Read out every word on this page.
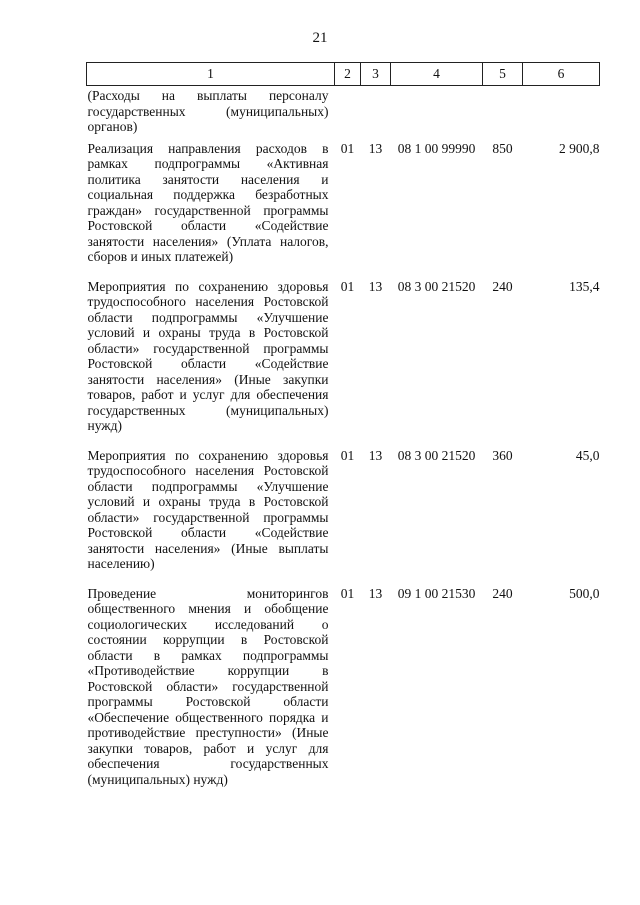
21
1	2	3	4	5	6
(Расходы на выплаты персоналу государственных (муниципальных) органов)					
Реализация направления расходов в рамках подпрограммы «Активная политика занятости населения и социальная поддержка безработных граждан» государственной программы Ростовской области «Содействие занятости населения» (Уплата налогов, сборов и иных платежей)	01	13	08 1 00 99990	850	2 900,8
Мероприятия по сохранению здоровья трудоспособного населения Ростовской области подпрограммы «Улучшение условий и охраны труда в Ростовской области» государственной программы Ростовской области «Содействие занятости населения» (Иные закупки товаров, работ и услуг для обеспечения государственных (муниципальных) нужд)	01	13	08 3 00 21520	240	135,4
Мероприятия по сохранению здоровья трудоспособного населения Ростовской области подпрограммы «Улучшение условий и охраны труда в Ростовской области» государственной программы Ростовской области «Содействие занятости населения» (Иные выплаты населению)	01	13	08 3 00 21520	360	45,0
Проведение мониторингов общественного мнения и обобщение социологических исследований о состоянии коррупции в Ростовской области в рамках подпрограммы «Противодействие коррупции в Ростовской области» государственной программы Ростовской области «Обеспечение общественного порядка и противодействие преступности» (Иные закупки товаров, работ и услуг для обеспечения государственных (муниципальных) нужд)	01	13	09 1 00 21530	240	500,0
